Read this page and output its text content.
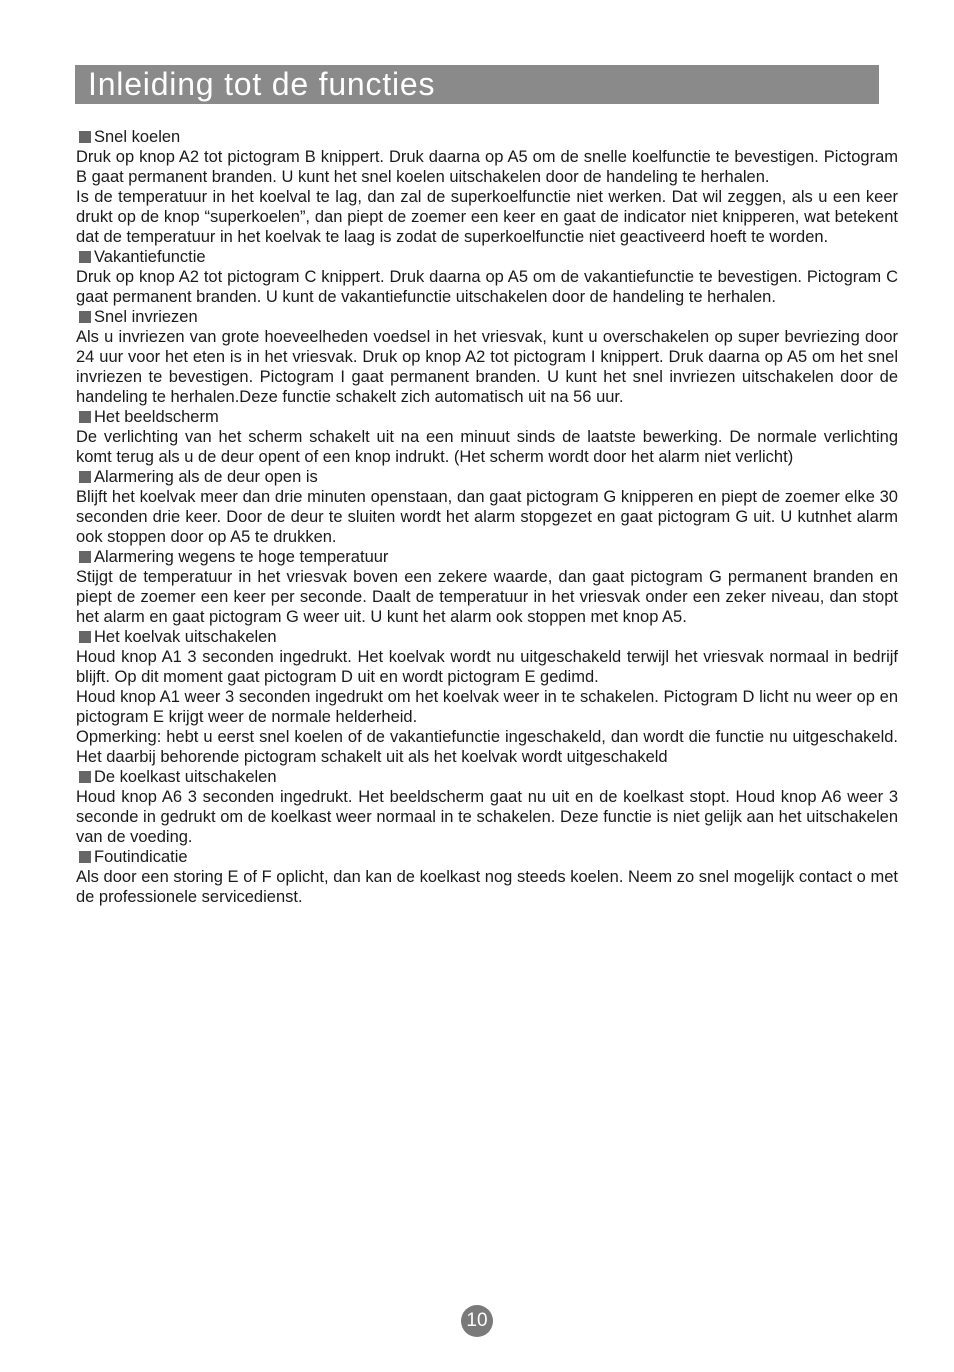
Inleiding tot de functies
Snel koelen
Druk op knop A2 tot pictogram B knippert. Druk daarna op A5 om de snelle koelfunctie te bevestigen. Pictogram B gaat permanent branden. U kunt het snel koelen uitschakelen door de handeling te herhalen.
Is de temperatuur in het koelval te lag, dan zal de superkoelfunctie niet werken. Dat wil zeggen, als u een keer drukt op de knop “superkoelen”, dan piept de zoemer een keer en gaat de indicator niet knipperen, wat betekent dat de temperatuur in het koelvak te laag is zodat de superkoelfunctie niet geactiveerd hoeft te worden.
Vakantiefunctie
Druk op knop A2 tot pictogram C knippert. Druk daarna op A5 om de vakantiefunctie te bevestigen. Pictogram C gaat permanent branden. U kunt de vakantiefunctie uitschakelen door de handeling te herhalen.
Snel invriezen
Als u invriezen van grote hoeveelheden voedsel in het vriesvak, kunt u overschakelen op super bevriezing door 24 uur voor het eten is in het vriesvak. Druk op knop A2 tot pictogram I knippert. Druk daarna op A5 om het snel invriezen te bevestigen. Pictogram I gaat permanent branden. U kunt het snel invriezen uitschakelen door de handeling te herhalen.Deze functie schakelt zich automatisch uit na 56 uur.
Het beeldscherm
De verlichting van het scherm schakelt uit na een minuut sinds de laatste bewerking. De normale verlichting komt terug als u de deur opent of een knop indrukt. (Het scherm wordt door het alarm niet verlicht)
Alarmering als de deur open is
Blijft het koelvak meer dan drie minuten openstaan, dan gaat pictogram G knipperen en piept de zoemer elke 30 seconden drie keer. Door de deur te sluiten wordt het alarm stopgezet en gaat pictogram G uit. U kutnhet alarm ook stoppen door op A5 te drukken.
Alarmering wegens te hoge temperatuur
Stijgt de temperatuur in het vriesvak boven een zekere waarde, dan gaat pictogram G permanent branden en piept de zoemer een keer per seconde. Daalt de temperatuur in het vriesvak onder een zeker niveau, dan stopt het alarm en gaat pictogram G weer uit. U kunt het alarm ook stoppen met knop A5.
Het koelvak uitschakelen
Houd knop A1 3 seconden ingedrukt. Het koelvak wordt nu uitgeschakeld terwijl het vriesvak normaal in bedrijf blijft. Op dit moment gaat pictogram D uit en wordt pictogram E gedimd.
Houd knop A1 weer 3 seconden ingedrukt om het koelvak weer in te schakelen. Pictogram D licht nu weer op en pictogram E krijgt weer de normale helderheid.
Opmerking: hebt u eerst snel koelen of de vakantiefunctie ingeschakeld, dan wordt die functie nu uitgeschakeld. Het daarbij behorende pictogram schakelt uit als het koelvak wordt uitgeschakeld
De koelkast uitschakelen
Houd knop A6 3 seconden ingedrukt. Het beeldscherm gaat nu uit en de koelkast stopt. Houd knop A6 weer 3 seconde in gedrukt om de koelkast weer normaal in te schakelen. Deze functie is niet gelijk aan het uitschakelen van de voeding.
Foutindicatie
Als door een storing E of F oplicht, dan kan de koelkast nog steeds koelen. Neem zo snel mogelijk contact o met de professionele servicedienst.
10
